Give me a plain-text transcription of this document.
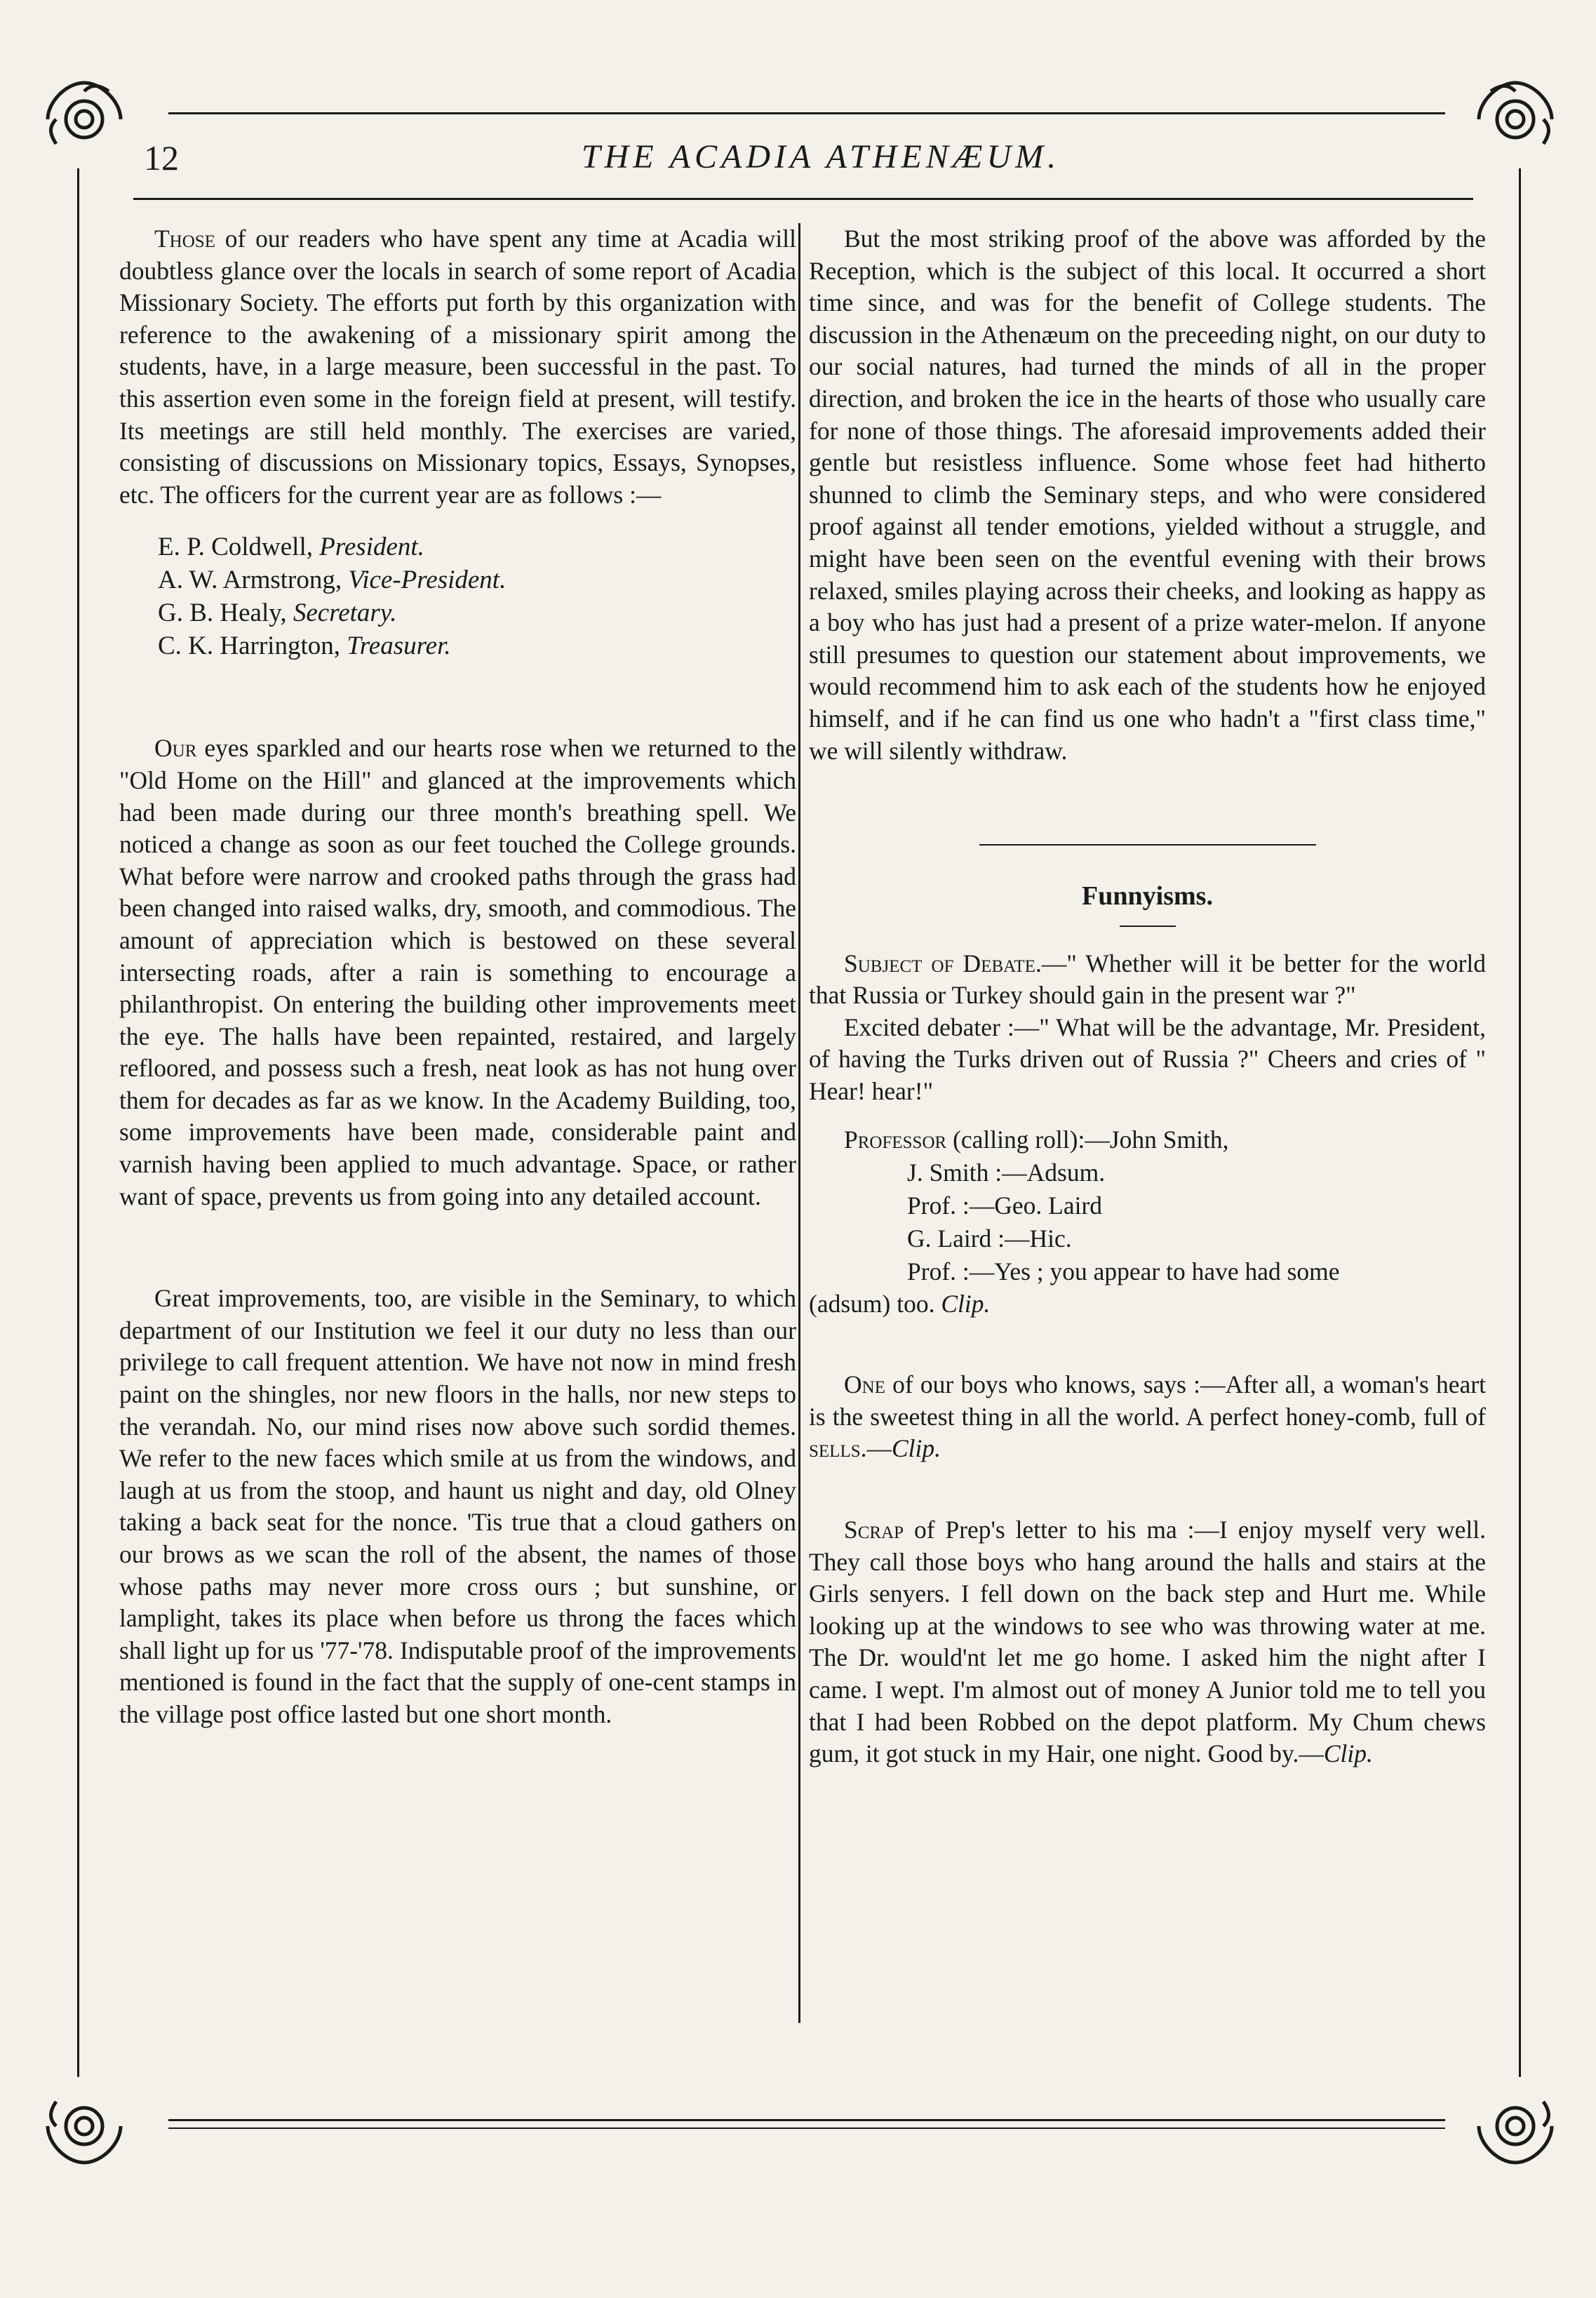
12	THE ACADIA ATHENÆUM.

Those of our readers who have spent any time at Acadia will doubtless glance over the locals in search of some report of Acadia Missionary Society. The efforts put forth by this organization with reference to the awakening of a missionary spirit among the students, have, in a large measure, been successful in the past. To this assertion even some in the foreign field at present, will testify. Its meetings are still held monthly. The exercises are varied, consisting of discussions on Missionary topics, Essays, Synopses, etc. The officers for the current year are as follows :—

E. P. Coldwell, President.
A. W. Armstrong, Vice-President.
G. B. Healy, Secretary.
C. K. Harrington, Treasurer.

Our eyes sparkled and our hearts rose when we returned to the "Old Home on the Hill" and glanced at the improvements which had been made during our three month's breathing spell. We noticed a change as soon as our feet touched the College grounds. What before were narrow and crooked paths through the grass had been changed into raised walks, dry, smooth, and commodious. The amount of appreciation which is bestowed on these several intersecting roads, after a rain is something to encourage a philanthropist. On entering the building other improvements meet the eye. The halls have been repainted, restaired, and largely refloored, and possess such a fresh, neat look as has not hung over them for decades as far as we know. In the Academy Building, too, some improvements have been made, considerable paint and varnish having been applied to much advantage. Space, or rather want of space, prevents us from going into any detailed account.

Great improvements, too, are visible in the Seminary, to which department of our Institution we feel it our duty no less than our privilege to call frequent attention. We have not now in mind fresh paint on the shingles, nor new floors in the halls, nor new steps to the verandah. No, our mind rises now above such sordid themes. We refer to the new faces which smile at us from the windows, and laugh at us from the stoop, and haunt us night and day, old Olney taking a back seat for the nonce. 'Tis true that a cloud gathers on our brows as we scan the roll of the absent, the names of those whose paths may never more cross ours ; but sunshine, or lamplight, takes its place when before us throng the faces which shall light up for us '77-'78. Indisputable proof of the improvements mentioned is found in the fact that the supply of one-cent stamps in the village post office lasted but one short month.

But the most striking proof of the above was afforded by the Reception, which is the subject of this local. It occurred a short time since, and was for the benefit of College students. The discussion in the Athenæum on the preceeding night, on our duty to our social natures, had turned the minds of all in the proper direction, and broken the ice in the hearts of those who usually care for none of those things. The aforesaid improvements added their gentle but resistless influence. Some whose feet had hitherto shunned to climb the Seminary steps, and who were considered proof against all tender emotions, yielded without a struggle, and might have been seen on the eventful evening with their brows relaxed, smiles playing across their cheeks, and looking as happy as a boy who has just had a present of a prize water-melon. If anyone still presumes to question our statement about improvements, we would recommend him to ask each of the students how he enjoyed himself, and if he can find us one who hadn't a "first class time," we will silently withdraw.

Funnyisms.

Subject of Debate.—" Whether will it be better for the world that Russia or Turkey should gain in the present war ?"

Excited debater :—" What will be the advantage, Mr. President, of having the Turks driven out of Russia ?" Cheers and cries of " Hear! hear!"

Professor (calling roll):—John Smith,
J. Smith :—Adsum.
Prof. :—Geo. Laird
G. Laird :—Hic.
Prof. :—Yes ; you appear to have had some
(adsum) too. Clip.

One of our boys who knows, says :—After all, a woman's heart is the sweetest thing in all the world. A perfect honey-comb, full of sells.—Clip.

Scrap of Prep's letter to his ma :—I enjoy myself very well. They call those boys who hang around the halls and stairs at the Girls senyers. I fell down on the back step and Hurt me. While looking up at the windows to see who was throwing water at me. The Dr. would'nt let me go home. I asked him the night after I came. I wept. I'm almost out of money A Junior told me to tell you that I had been Robbed on the depot platform. My Chum chews gum, it got stuck in my Hair, one night. Good by.—Clip.
